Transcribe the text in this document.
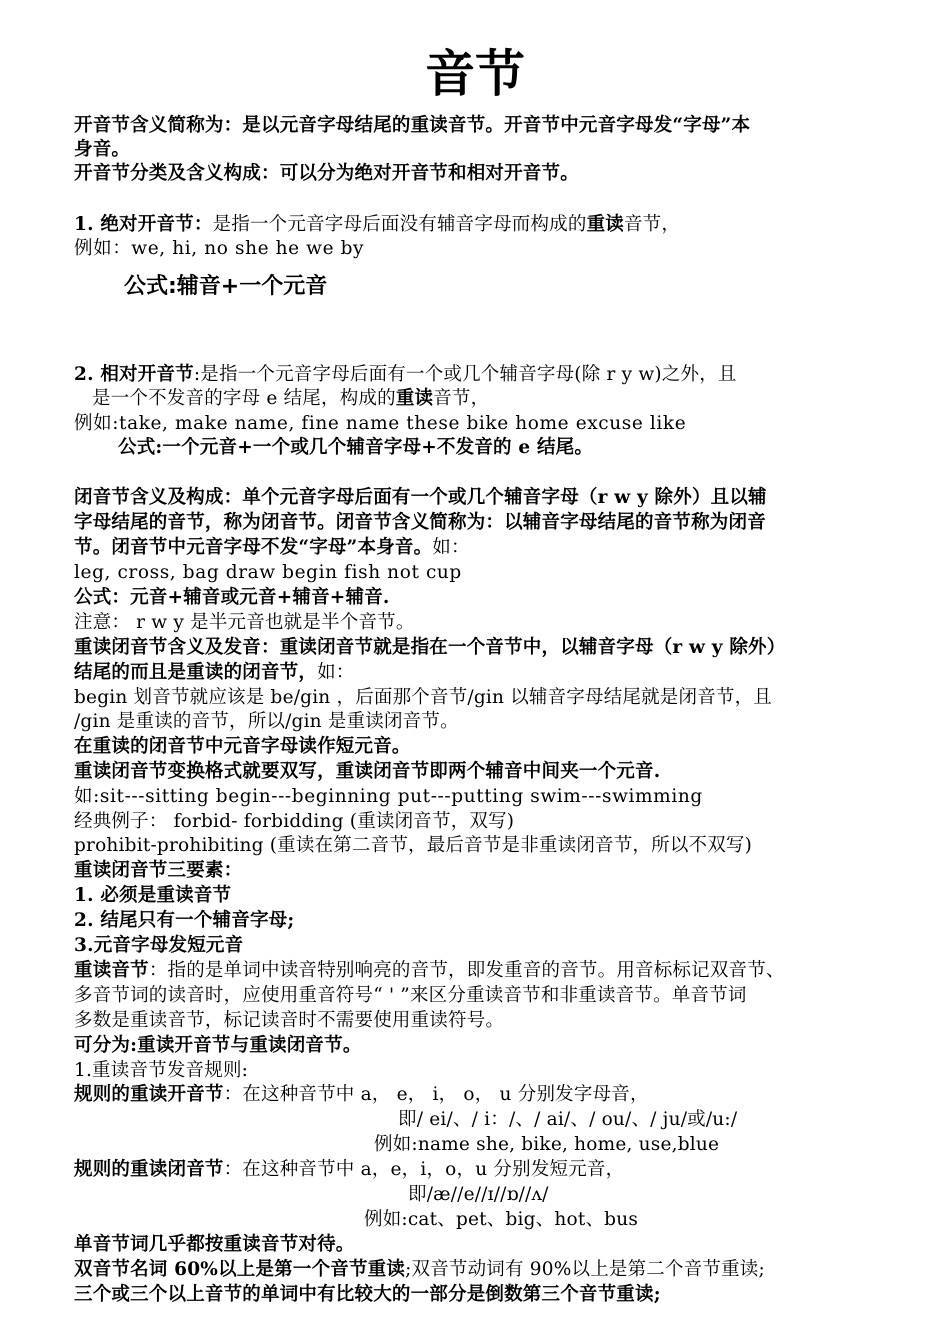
音节
开音节含义简称为：是以元音字母结尾的重读音节。开音节中元音字母发“字母”本
身音。
开音节分类及含义构成：可以分为绝对开音节和相对开音节。
1. 绝对开音节：是指一个元音字母后面没有辅音字母而构成的重读音节，
例如：we, hi, no she he we by
公式:辅音+一个元音
2. 相对开音节:是指一个元音字母后面有一个或几个辅音字母(除 r y w)之外，且
是一个不发音的字母 e 结尾，构成的重读音节，
例如:take, make name, fine name these bike home excuse like
公式:一个元音+一个或几个辅音字母+不发音的 e 结尾。
闭音节含义及构成：单个元音字母后面有一个或几个辅音字母（r w y 除外）且以辅
字母结尾的音节，称为闭音节。闭音节含义简称为：以辅音字母结尾的音节称为闭音
节。闭音节中元音字母不发“字母”本身音。如：
leg, cross, bag draw begin fish not cup
公式：元音+辅音或元音+辅音+辅音.
注意： r w y 是半元音也就是半个音节。
重读闭音节含义及发音：重读闭音节就是指在一个音节中，以辅音字母（r w y 除外）
结尾的而且是重读的闭音节，如：
begin 划音节就应该是 be/gin ，后面那个音节/gin 以辅音字母结尾就是闭音节，且
/gin 是重读的音节，所以/gin 是重读闭音节。
在重读的闭音节中元音字母读作短元音。
重读闭音节变换格式就要双写，重读闭音节即两个辅音中间夹一个元音.
如:sit---sitting begin---beginning put---putting swim---swimming
经典例子： forbid- forbidding (重读闭音节，双写)
prohibit-prohibiting (重读在第二音节，最后音节是非重读闭音节，所以不双写)
重读闭音节三要素：
1. 必须是重读音节
2. 结尾只有一个辅音字母;
3.元音字母发短元音
重读音节：指的是单词中读音特别响亮的音节，即发重音的音节。用音标标记双音节、
多音节词的读音时，应使用重音符号“ ' ”来区分重读音节和非重读音节。单音节词
多数是重读音节，标记读音时不需要使用重读符号。
可分为:重读开音节与重读闭音节。
1.重读音节发音规则:
规则的重读开音节：在这种音节中 a， e， i， o， u 分别发字母音，
即/ ei/、/ i：/、/ ai/、/ ou/、/ ju/或/u:/
例如:name she, bike, home, use,blue
规则的重读闭音节：在这种音节中 a，e，i，o，u 分别发短元音，
即/æ//e//ɪ//ɒ//ʌ/
例如:cat、pet、big、hot、bus
单音节词几乎都按重读音节对待。
双音节名词 60%以上是第一个音节重读;双音节动词有 90%以上是第二个音节重读;
三个或三个以上音节的单词中有比较大的一部分是倒数第三个音节重读;
